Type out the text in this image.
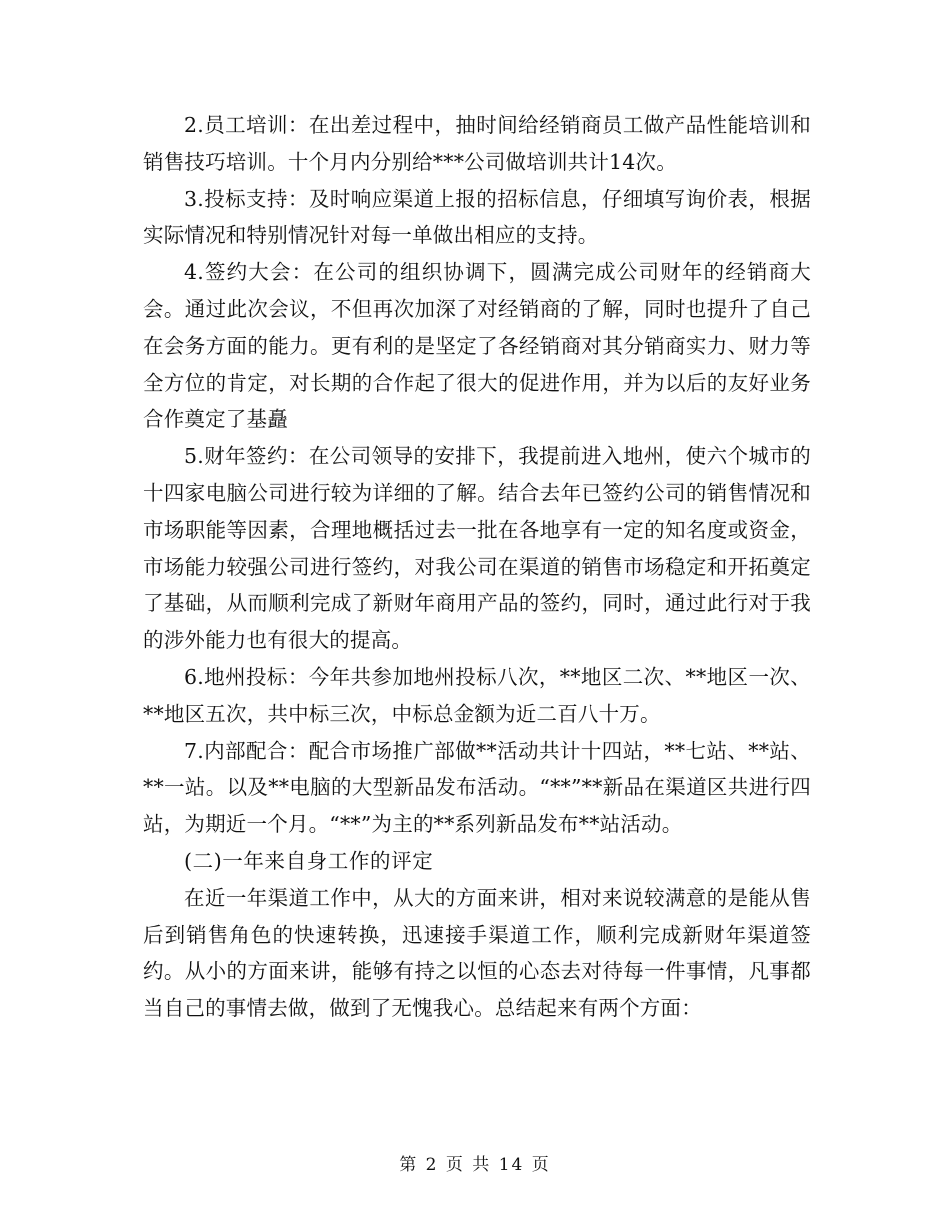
2.员工培训：在出差过程中，抽时间给经销商员工做产品性能培训和销售技巧培训。十个月内分别给***公司做培训共计14次。

3.投标支持：及时响应渠道上报的招标信息，仔细填写询价表，根据实际情况和特别情况针对每一单做出相应的支持。

4.签约大会：在公司的组织协调下，圆满完成公司财年的经销商大会。通过此次会议，不但再次加深了对经销商的了解，同时也提升了自己在会务方面的能力。更有利的是坚定了各经销商对其分销商实力、财力等全方位的肯定，对长期的合作起了很大的促进作用，并为以后的友好业务合作奠定了基矗

5.财年签约：在公司领导的安排下，我提前进入地州，使六个城市的十四家电脑公司进行较为详细的了解。结合去年已签约公司的销售情况和市场职能等因素，合理地概括过去一批在各地享有一定的知名度或资金，市场能力较强公司进行签约，对我公司在渠道的销售市场稳定和开拓奠定了基础，从而顺利完成了新财年商用产品的签约，同时，通过此行对于我的涉外能力也有很大的提高。

6.地州投标：今年共参加地州投标八次，**地区二次、**地区一次、**地区五次，共中标三次，中标总金额为近二百八十万。

7.内部配合：配合市场推广部做**活动共计十四站，**七站、**站、**一站。以及**电脑的大型新品发布活动。“**”**新品在渠道区共进行四站，为期近一个月。“**”为主的**系列新品发布**站活动。

(二)一年来自身工作的评定

在近一年渠道工作中，从大的方面来讲，相对来说较满意的是能从售后到销售角色的快速转换，迅速接手渠道工作，顺利完成新财年渠道签约。从小的方面来讲，能够有持之以恒的心态去对待每一件事情，凡事都当自己的事情去做，做到了无愧我心。总结起来有两个方面：

第 2 页 共 14 页
